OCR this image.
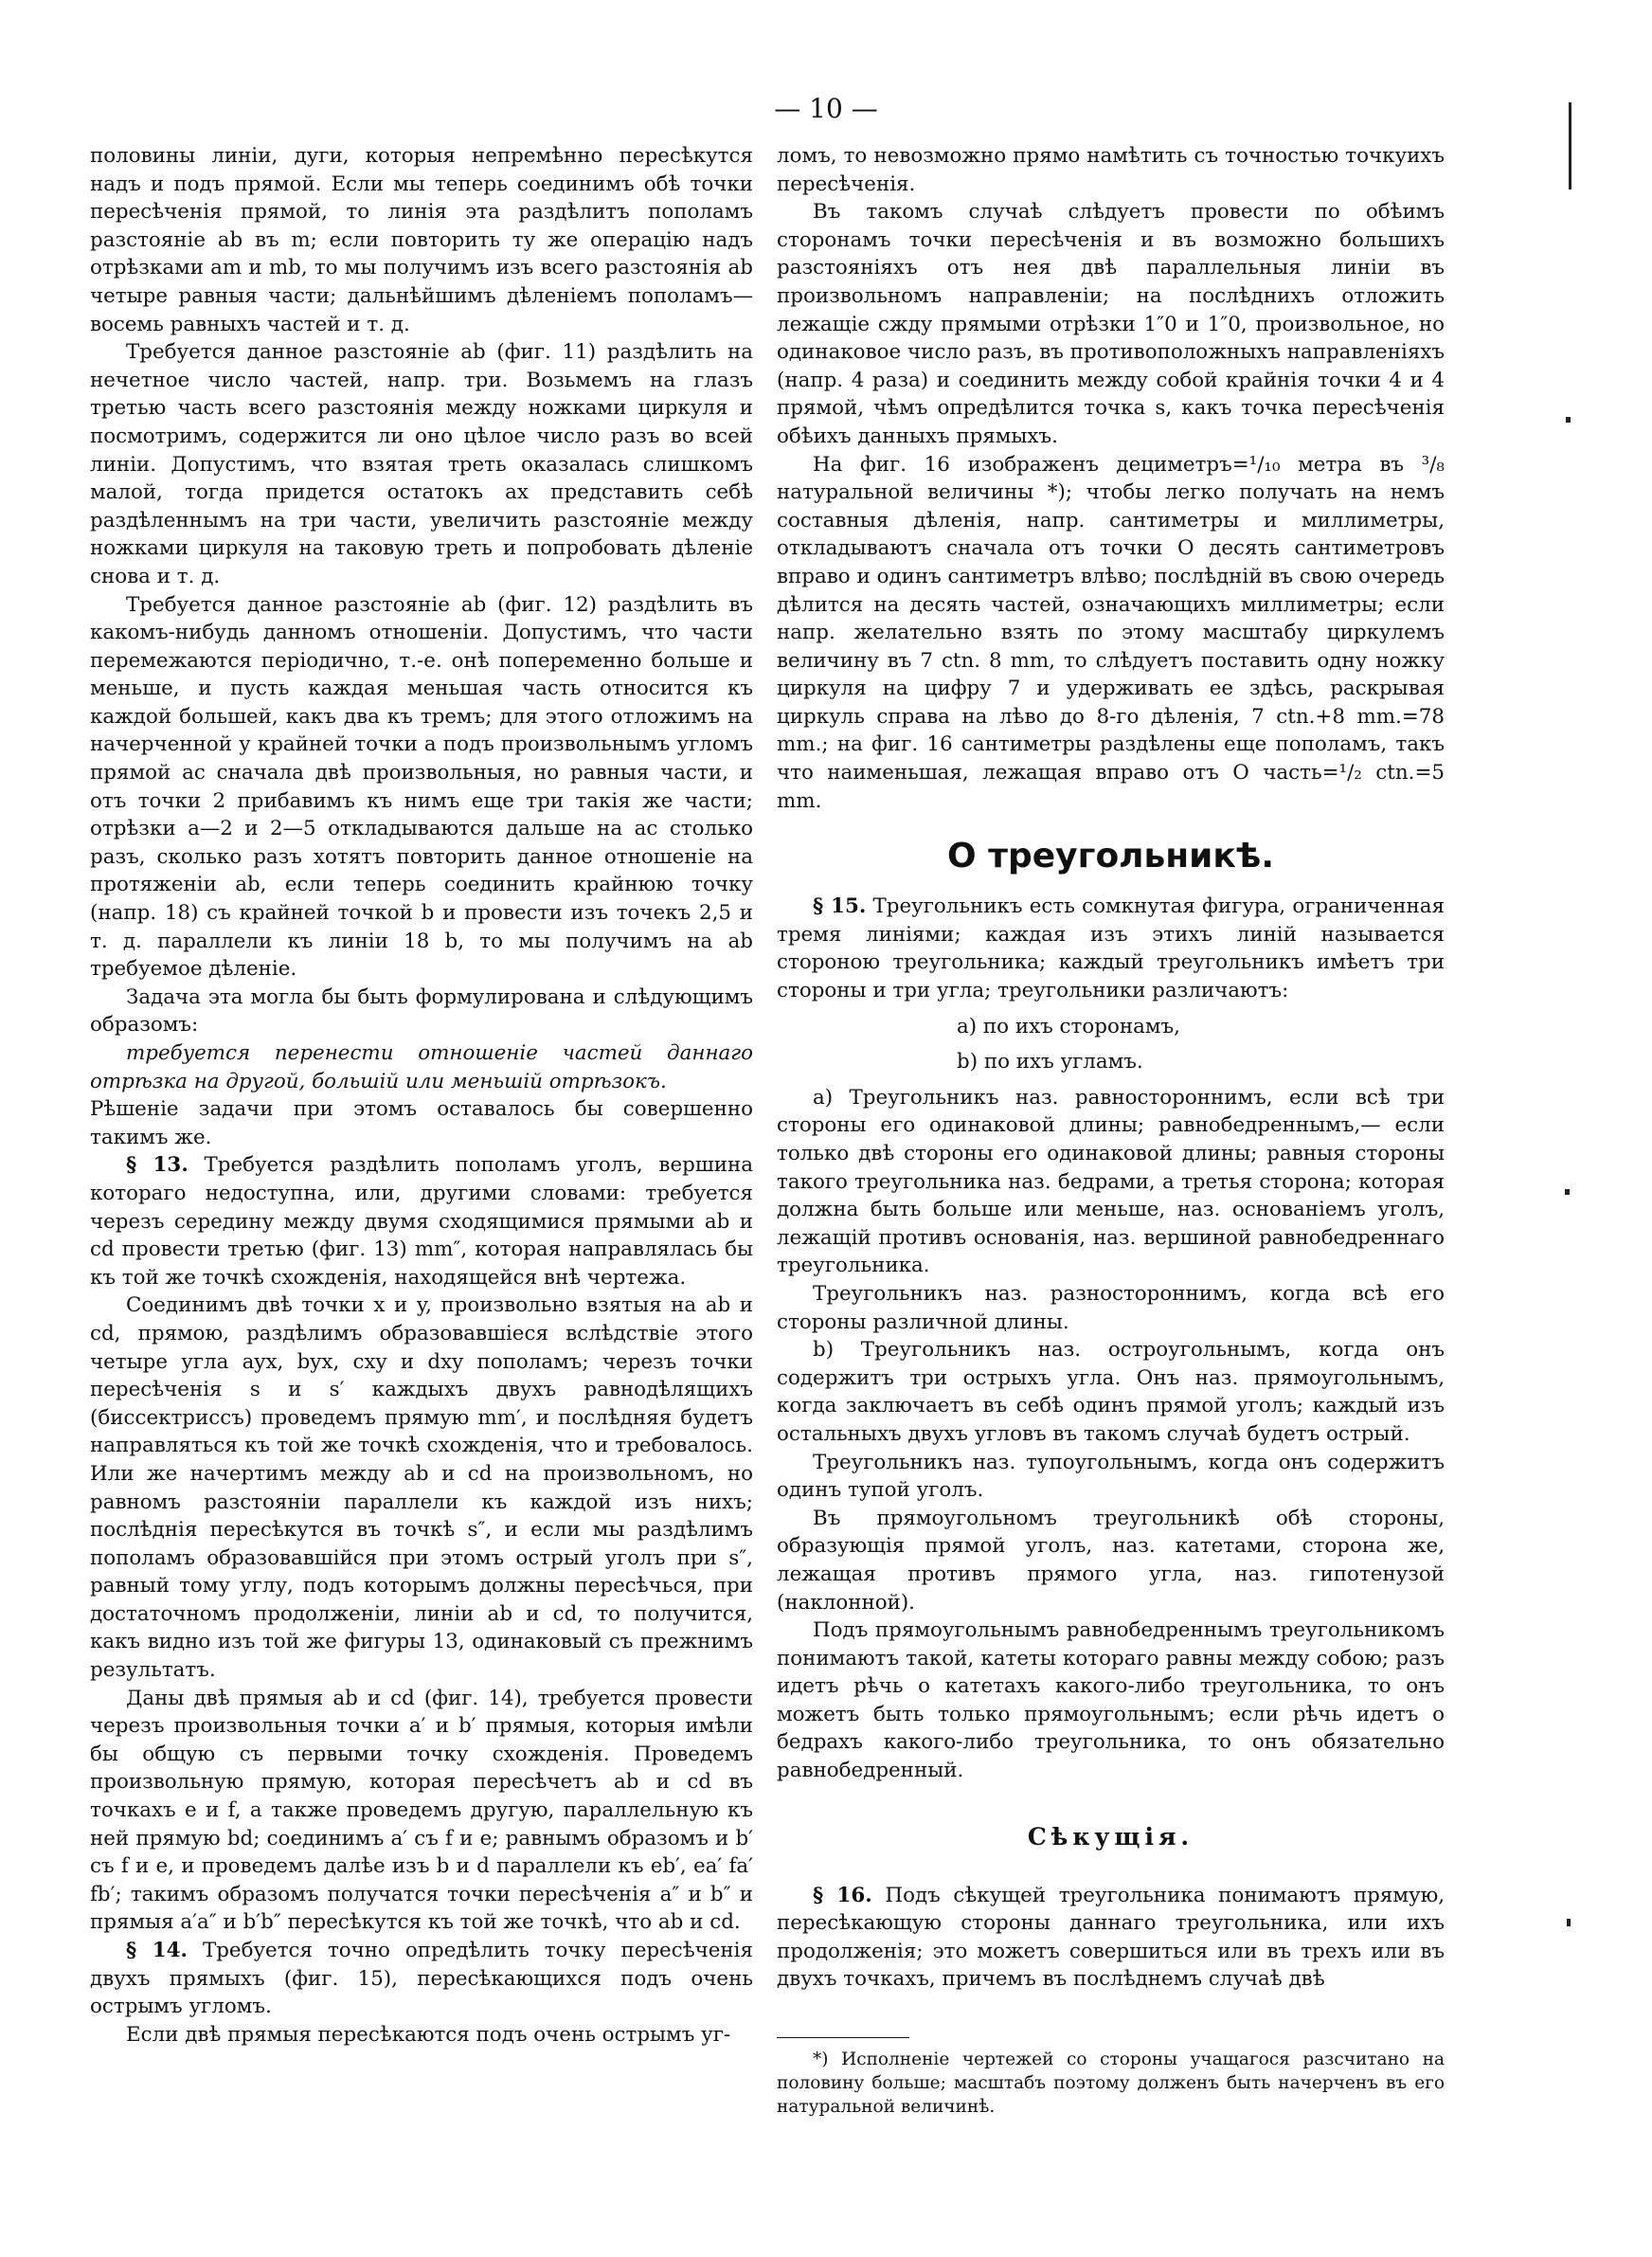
— 10 —

половины линіи, дуги, которыя непремѣнно пересѣкутся надъ и подъ прямой. Если мы теперь соединимъ обѣ точки пересѣченія прямой, то линія эта раздѣлитъ пополамъ разстояніе ab въ m; если повторить ту же операцію надъ отрѣзками am и mb, то мы получимъ изъ всего разстоянія ab четыре равныя части; дальнѣйшимъ дѣленіемъ пополамъ— восемь равныхъ частей и т. д.

Требуется данное разстояніе ab (фиг. 11) раздѣлить на нечетное число частей, напр. три. Возьмемъ на глазъ третью часть всего разстоянія между ножками циркуля и посмотримъ, содержится ли оно цѣлое число разъ во всей линіи. Допустимъ, что взятая треть оказалась слишкомъ малой, тогда придется остатокъ ax представить себѣ раздѣленнымъ на три части, увеличить разстояніе между ножками циркуля на таковую треть и попробовать дѣленіе снова и т. д.

Требуется данное разстояніе ab (фиг. 12) раздѣлить въ какомъ-нибудь данномъ отношеніи. Допустимъ, что части перемежаются періодично, т.-е. онѣ попеременно больше и меньше, и пусть каждая меньшая часть относится къ каждой большей, какъ два къ тремъ; для этого отложимъ на начерченной у крайней точки a подъ произвольнымъ угломъ прямой ac сначала двѣ произвольныя, но равныя части, и отъ точки 2 прибавимъ къ нимъ еще три такія же части; отрѣзки a—2 и 2—5 откладываются дальше на ac столько разъ, сколько разъ хотятъ повторить данное отношеніе на протяженіи ab, если теперь соединить крайнюю точку (напр. 18) съ крайней точкой b и провести изъ точекъ 2,5 и т. д. параллели къ линіи 18 b, то мы получимъ на ab требуемое дѣленіе.

Задача эта могла бы быть формулирована и слѣдующимъ образомъ:

требуется перенести отношеніе частей даннаго отрѣзка на другой, большій или меньшій отрѣзокъ.

Рѣшеніе задачи при этомъ оставалось бы совершенно такимъ же.

§ 13. Требуется раздѣлить пополамъ уголъ, вершина котораго недоступна, или, другими словами: требуется черезъ середину между двумя сходящимися прямыми ab и cd провести третью (фиг. 13) mm″, которая направлялась бы къ той же точкѣ схожденія, находящейся внѣ чертежа.

Соединимъ двѣ точки x и y, произвольно взятыя на ab и cd, прямою, раздѣлимъ образовавшіеся вслѣдствіе этого четыре угла ayx, byx, cxy и dxy пополамъ; черезъ точки пересѣченія s и s′ каждыхъ двухъ равнодѣлящихъ (биссектриссъ) проведемъ прямую mm′, и послѣдняя будетъ направляться къ той же точкѣ схожденія, что и требовалось. Или же начертимъ между ab и cd на произвольномъ, но равномъ разстояніи параллели къ каждой изъ нихъ; послѣднія пересѣкутся въ точкѣ s″, и если мы раздѣлимъ пополамъ образовавшійся при этомъ острый уголъ при s″, равный тому углу, подъ которымъ должны пересѣчься, при достаточномъ продолженіи, линіи ab и cd, то получится, какъ видно изъ той же фигуры 13, одинаковый съ прежнимъ результатъ.

Даны двѣ прямыя ab и cd (фиг. 14), требуется провести черезъ произвольныя точки a′ и b′ прямыя, которыя имѣли бы общую съ первыми точку схожденія. Проведемъ произвольную прямую, которая пересѣчетъ ab и cd въ точкахъ e и f, а также проведемъ другую, параллельную къ ней прямую bd; соединимъ a′ съ f и e; равнымъ образомъ и b′ съ f и e, и проведемъ далѣе изъ b и d параллели къ eb′, ea′ fa′ fb′; такимъ образомъ получатся точки пересѣченія a″ и b″ и прямыя a′a″ и b′b″ пересѣкутся къ той же точкѣ, что ab и cd.

§ 14. Требуется точно опредѣлить точку пересѣченія двухъ прямыхъ (фиг. 15), пересѣкающихся подъ очень острымъ угломъ.

Если двѣ прямыя пересѣкаются подъ очень острымъ уг-

ломъ, то невозможно прямо намѣтить съ точностью точкуихъ пересѣченія.

Въ такомъ случаѣ слѣдуетъ провести по обѣимъ сторонамъ точки пересѣченія и въ возможно большихъ разстояніяхъ отъ нея двѣ параллельныя линіи въ произвольномъ направленіи; на послѣднихъ отложить лежащіе сжду прямыми отрѣзки 1″0 и 1″0, произвольное, но одинаковое число разъ, въ противоположныхъ направленіяхъ (напр. 4 раза) и соединить между собой крайнія точки 4 и 4 прямой, чѣмъ опредѣлится точка s, какъ точка пересѣченія обѣихъ данныхъ прямыхъ.

На фиг. 16 изображенъ дециметръ=¹/₁₀ метра въ ³/₈ натуральной величины *); чтобы легко получать на немъ составныя дѣленія, напр. сантиметры и миллиметры, откладываютъ сначала отъ точки O десять сантиметровъ вправо и одинъ сантиметръ влѣво; послѣдній въ свою очередь дѣлится на десять частей, означающихъ миллиметры; если напр. желательно взять по этому масштабу циркулемъ величину въ 7 ctn. 8 mm, то слѣдуетъ поставить одну ножку циркуля на цифру 7 и удерживать ее здѣсь, раскрывая циркуль справа на лѣво до 8-го дѣленія, 7 ctn.+8 mm.=78 mm.; на фиг. 16 сантиметры раздѣлены еще пополамъ, такъ что наименьшая, лежащая вправо отъ O часть=¹/₂ ctn.=5 mm.

О треугольникѣ.

§ 15. Треугольникъ есть сомкнутая фигура, ограниченная тремя линіями; каждая изъ этихъ линій называется стороною треугольника; каждый треугольникъ имѣетъ три стороны и три угла; треугольники различаютъ:

a) по ихъ сторонамъ,

b) по ихъ угламъ.

a) Треугольникъ наз. равностороннимъ, если всѣ три стороны его одинаковой длины; равнобедреннымъ,— если только двѣ стороны его одинаковой длины; равныя стороны такого треугольника наз. бедрами, а третья сторона; которая должна быть больше или меньше, наз. основаніемъ уголъ, лежащій противъ основанія, наз. вершиной равнобедреннаго треугольника.

Треугольникъ наз. разностороннимъ, когда всѣ его стороны различной длины.

b) Треугольникъ наз. остроугольнымъ, когда онъ содержитъ три острыхъ угла. Онъ наз. прямоугольнымъ, когда заключаетъ въ себѣ одинъ прямой уголъ; каждый изъ остальныхъ двухъ угловъ въ такомъ случаѣ будетъ острый.

Треугольникъ наз. тупоугольнымъ, когда онъ содержитъ одинъ тупой уголъ.

Въ прямоугольномъ треугольникѣ обѣ стороны, образующія прямой уголъ, наз. катетами, сторона же, лежащая противъ прямого угла, наз. гипотенузой (наклонной).

Подъ прямоугольнымъ равнобедреннымъ треугольникомъ понимаютъ такой, катеты котораго равны между собою; разъ идетъ рѣчь о катетахъ какого-либо треугольника, то онъ можетъ быть только прямоугольнымъ; если рѣчь идетъ о бедрахъ какого-либо треугольника, то онъ обязательно равнобедренный.

Сѣкущія.

§ 16. Подъ сѣкущей треугольника понимаютъ прямую, пересѣкающую стороны даннаго треугольника, или ихъ продолженія; это можетъ совершиться или въ трехъ или въ двухъ точкахъ, причемъ въ послѣднемъ случаѣ двѣ

*) Исполненіе чертежей со стороны учащагося разсчитано на половину больше; масштабъ поэтому долженъ быть начерченъ въ его натуральной величинѣ.
